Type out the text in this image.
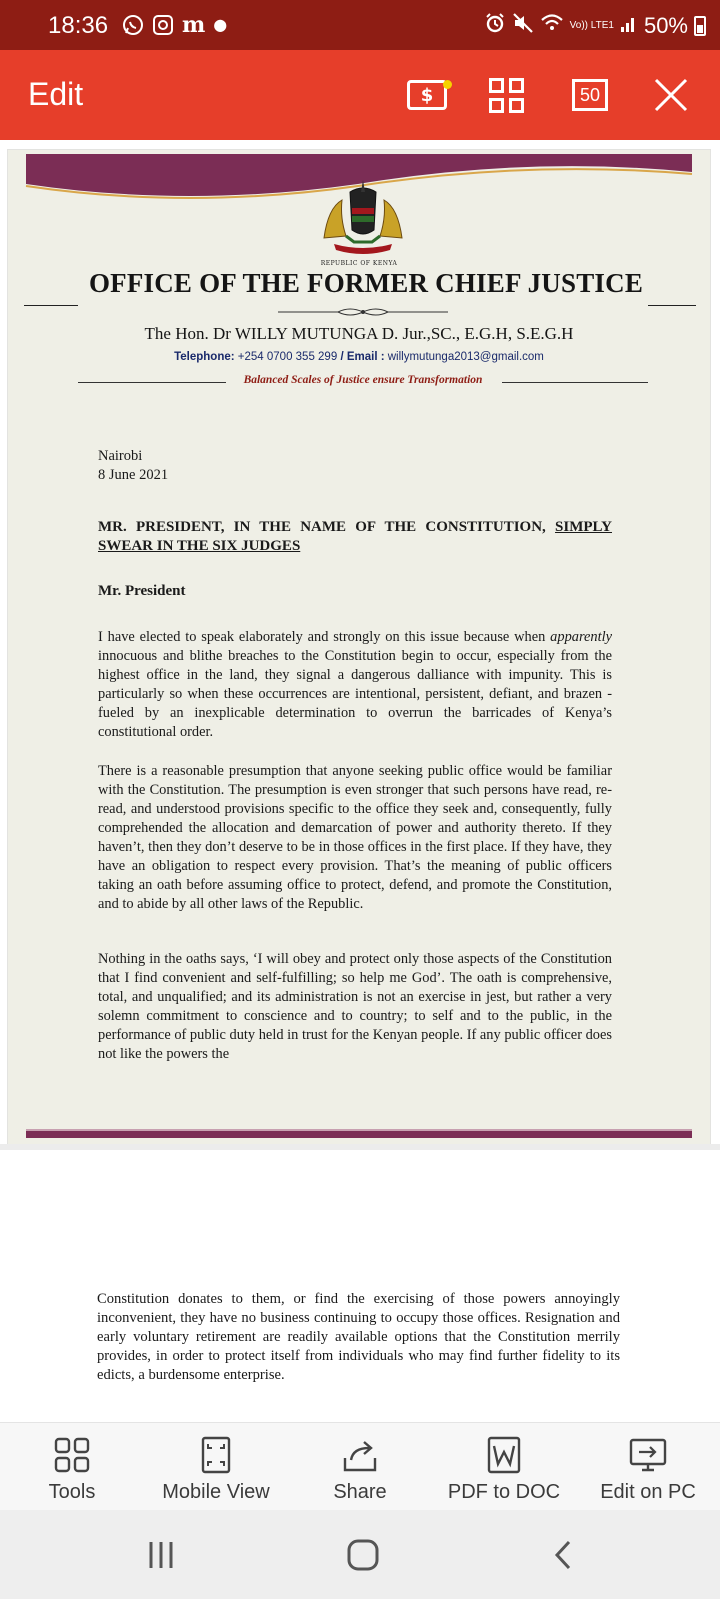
18:36	m ●	Vo)) LTE1 50%
Edit	$	50
REPUBLIC OF KENYA
OFFICE OF THE FORMER CHIEF JUSTICE
The Hon. Dr WILLY MUTUNGA D. Jur.,SC., E.G.H, S.E.G.H
Telephone: +254 0700 355 299 / Email : willymutunga2013@gmail.com
Balanced Scales of Justice ensure Transformation
Nairobi
8 June 2021
MR. PRESIDENT, IN THE NAME OF THE CONSTITUTION, SIMPLY SWEAR IN THE SIX JUDGES
Mr. President
I have elected to speak elaborately and strongly on this issue because when apparently innocuous and blithe breaches to the Constitution begin to occur, especially from the highest office in the land, they signal a dangerous dalliance with impunity. This is particularly so when these occurrences are intentional, persistent, defiant, and brazen - fueled by an inexplicable determination to overrun the barricades of Kenya’s constitutional order.
There is a reasonable presumption that anyone seeking public office would be familiar with the Constitution. The presumption is even stronger that such persons have read, re-read, and understood provisions specific to the office they seek and, consequently, fully comprehended the allocation and demarcation of power and authority thereto. If they haven’t, then they don’t deserve to be in those offices in the first place. If they have, they have an obligation to respect every provision. That’s the meaning of public officers taking an oath before assuming office to protect, defend, and promote the Constitution, and to abide by all other laws of the Republic.
Nothing in the oaths says, ‘I will obey and protect only those aspects of the Constitution that I find convenient and self-fulfilling; so help me God’. The oath is comprehensive, total, and unqualified; and its administration is not an exercise in jest, but rather a very solemn commitment to conscience and to country; to self and to the public, in the performance of public duty held in trust for the Kenyan people. If any public officer does not like the powers the
Constitution donates to them, or find the exercising of those powers annoyingly inconvenient, they have no business continuing to occupy those offices. Resignation and early voluntary retirement are readily available options that the Constitution merrily provides, in order to protect itself from individuals who may find further fidelity to its edicts, a burdensome enterprise.
Tools	Mobile View	Share	PDF to DOC Edit on PC
